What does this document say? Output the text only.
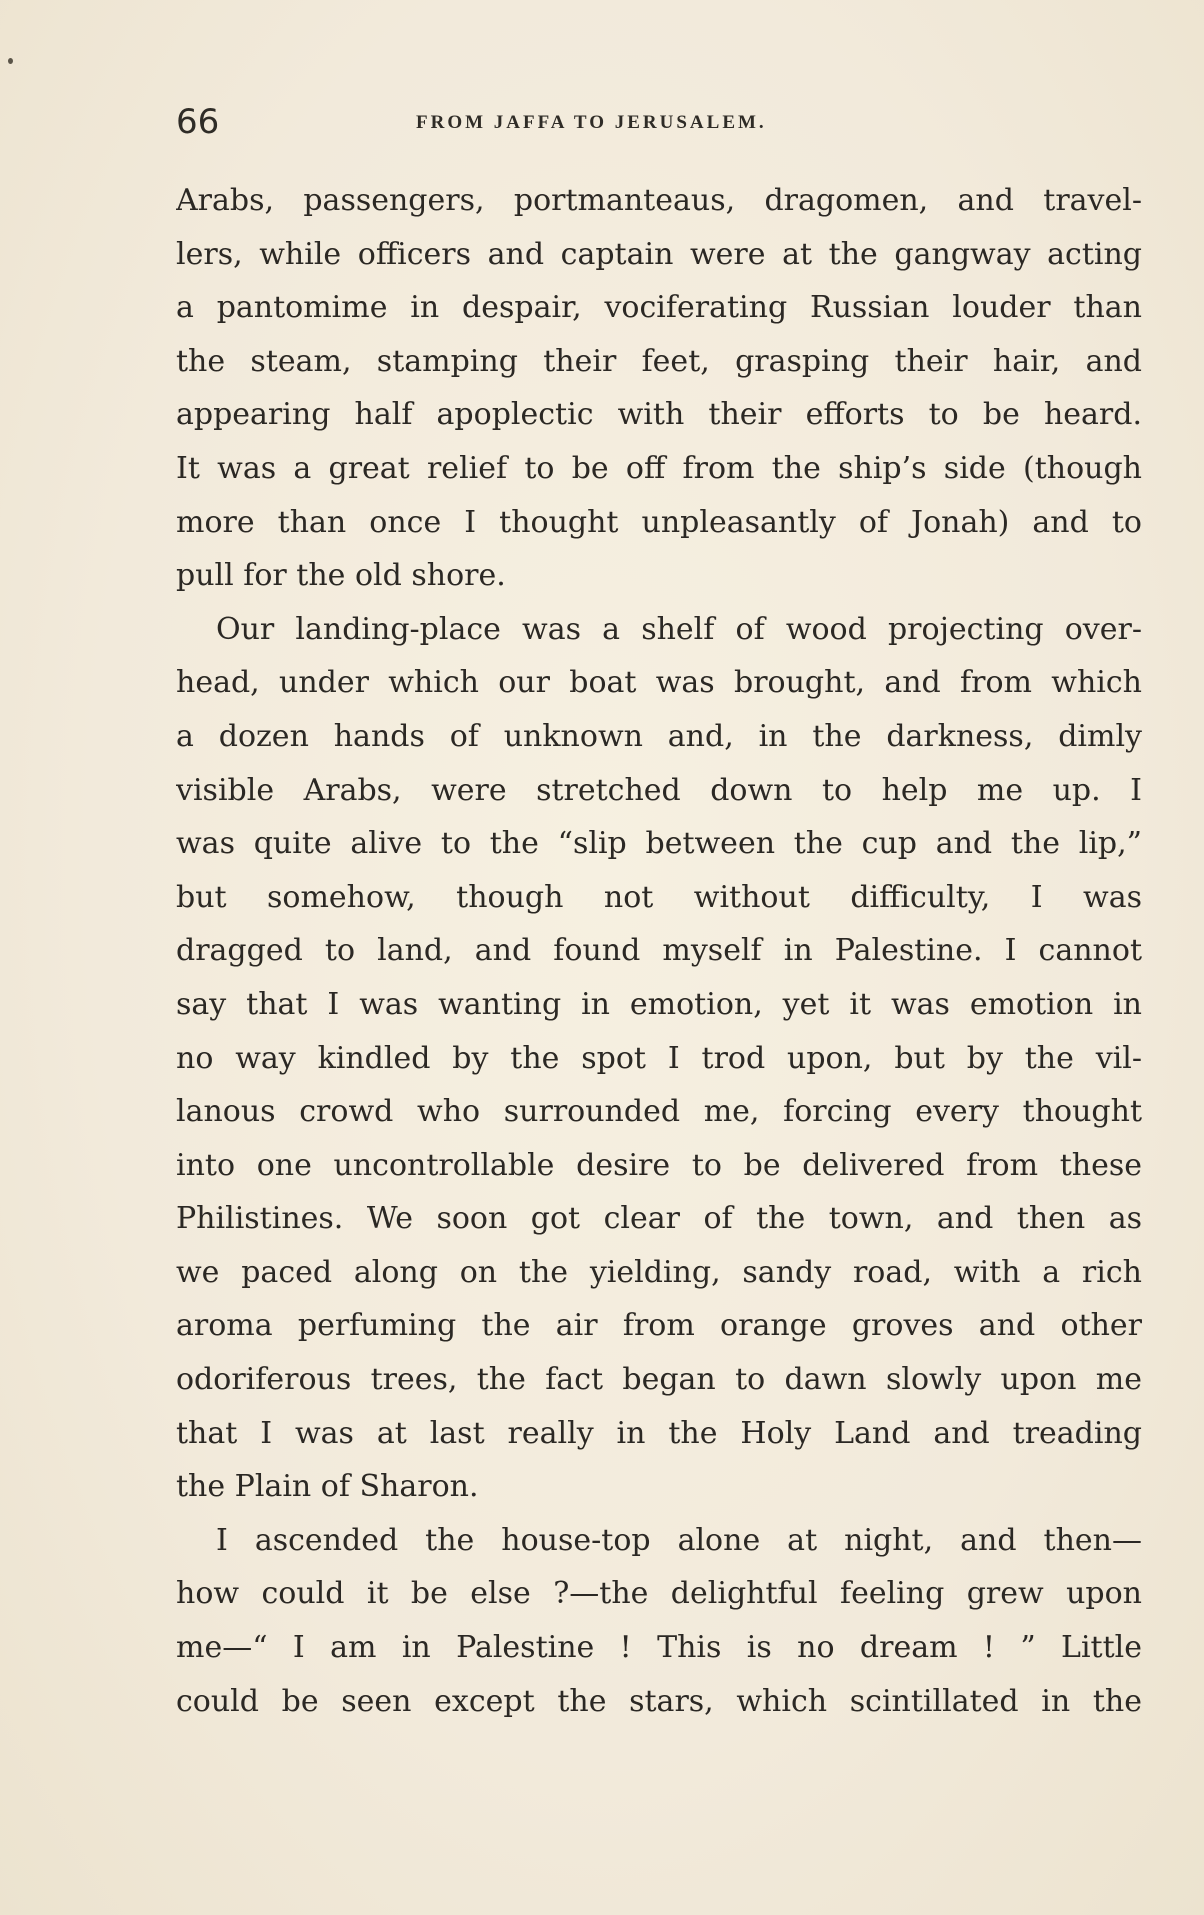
66	FROM JAFFA TO JERUSALEM.
Arabs, passengers, portmanteaus, dragomen, and travel-
lers, while officers and captain were at the gangway acting
a pantomime in despair, vociferating Russian louder than
the steam, stamping their feet, grasping their hair, and
appearing half apoplectic with their efforts to be heard.
It was a great relief to be off from the ship’s side (though
more than once I thought unpleasantly of Jonah) and to
pull for the old shore.
Our landing-place was a shelf of wood projecting over-
head, under which our boat was brought, and from which
a dozen hands of unknown and, in the darkness, dimly
visible Arabs, were stretched down to help me up. I
was quite alive to the “slip between the cup and the lip,”
but somehow, though not without difficulty, I was
dragged to land, and found myself in Palestine. I cannot
say that I was wanting in emotion, yet it was emotion in
no way kindled by the spot I trod upon, but by the vil-
lanous crowd who surrounded me, forcing every thought
into one uncontrollable desire to be delivered from these
Philistines. We soon got clear of the town, and then as
we paced along on the yielding, sandy road, with a rich
aroma perfuming the air from orange groves and other
odoriferous trees, the fact began to dawn slowly upon me
that I was at last really in the Holy Land and treading
the Plain of Sharon.
I ascended the house-top alone at night, and then—
how could it be else ?—the delightful feeling grew upon
me—“ I am in Palestine ! This is no dream ! ” Little
could be seen except the stars, which scintillated in the
